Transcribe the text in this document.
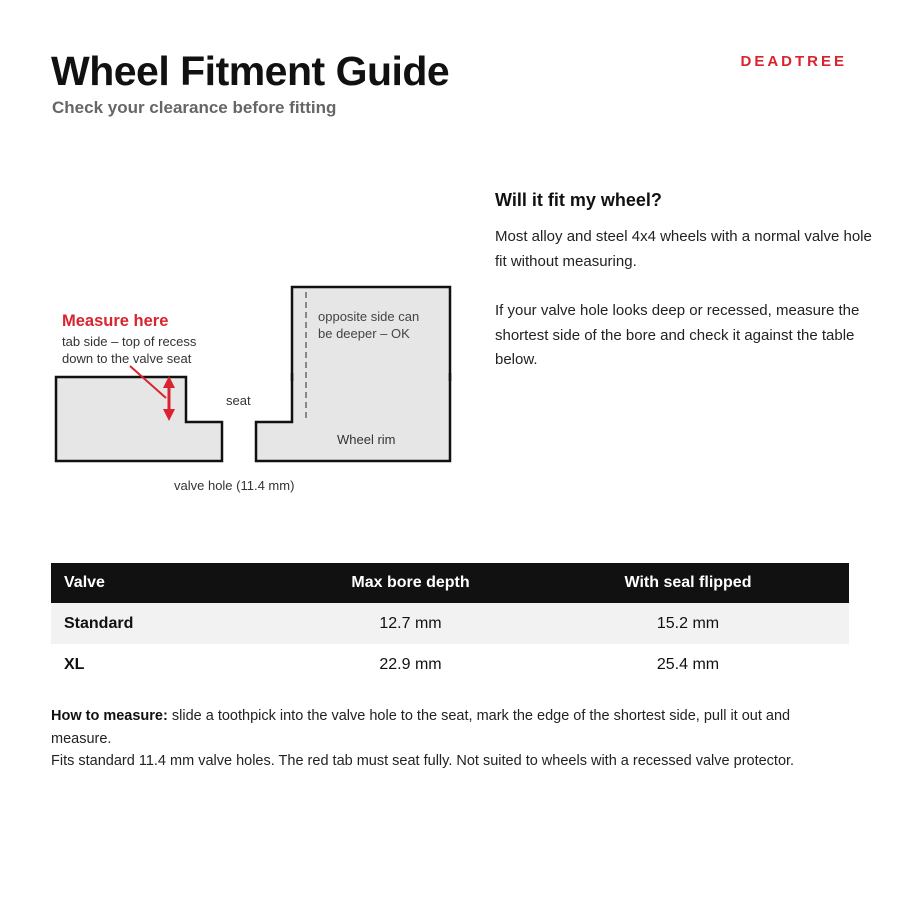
Wheel Fitment Guide
Check your clearance before fitting
DEADTREE
Measure here
tab side – top of recess
down to the valve seat
seat
opposite side can
be deeper – OK
Wheel rim
valve hole (11.4 mm)
Will it fit my wheel?

Most alloy and steel 4x4 wheels with a normal valve hole fit without measuring.

If your valve hole looks deep or recessed, measure the shortest side of the bore and check it against the table below.

Valve	Max bore depth	With seal flipped
Standard	12.7 mm	15.2 mm
XL	22.9 mm	25.4 mm

How to measure: slide a toothpick into the valve hole to the seat, mark the edge of the shortest side, pull it out and measure.

Fits standard 11.4 mm valve holes. The red tab must seat fully. Not suited to wheels with a recessed valve protector.
